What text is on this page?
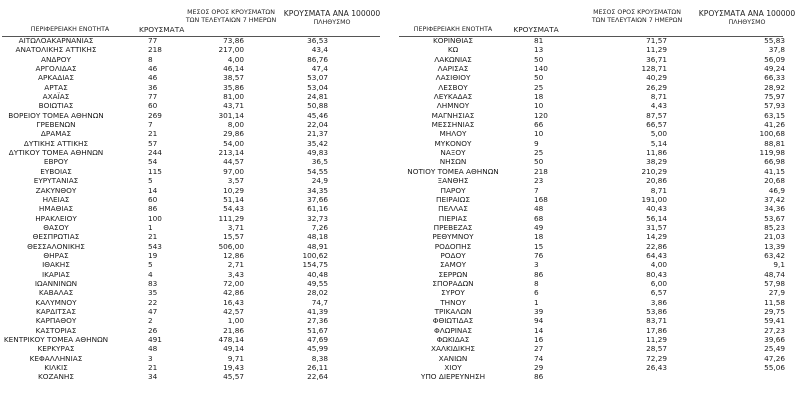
ΠΕΡΙΦΕΡΕΙΑΚΗ ΕΝΟΤΗΤΑ	ΚΡΟΥΣΜΑΤΑ
ΜΕΣΟΣ ΟΡΟΣ ΚΡΟΥΣΜΑΤΩΝ
ΤΩΝ ΤΕΛΕΥΤΑΙΩΝ 7 ΗΜΕΡΩΝ
ΚΡΟΥΣΜΑΤΑ ΑΝΑ 100000
ΠΛΗΘΥΣΜΟ
ΑΙΤΩΛΟΑΚΑΡΝΑΝΙΑΣ	77	73,86	36,53
ΑΝΑΤΟΛΙΚΗΣ ΑΤΤΙΚΗΣ	218	217,00	43,4
ΑΝΔΡΟΥ	8	4,00	86,76
ΑΡΓΟΛΙΔΑΣ	46	46,14	47,4
ΑΡΚΑΔΙΑΣ	46	38,57	53,07
ΑΡΤΑΣ	36	35,86	53,04
ΑΧΑΪΑΣ	77	81,00	24,81
ΒΟΙΩΤΙΑΣ	60	43,71	50,88
ΒΟΡΕΙΟΥ ΤΟΜΕΑ ΑΘΗΝΩΝ	269	301,14	45,46
ΓΡΕΒΕΝΩΝ	7	8,00	22,04
ΔΡΑΜΑΣ	21	29,86	21,37
ΔΥΤΙΚΗΣ ΑΤΤΙΚΗΣ	57	54,00	35,42
ΔΥΤΙΚΟΥ ΤΟΜΕΑ ΑΘΗΝΩΝ	244	213,14	49,83
ΕΒΡΟΥ	54	44,57	36,5
ΕΥΒΟΙΑΣ	115	97,00	54,55
ΕΥΡΥΤΑΝΙΑΣ	5	3,57	24,9
ΖΑΚΥΝΘΟΥ	14	10,29	34,35
ΗΛΕΙΑΣ	60	51,14	37,66
ΗΜΑΘΙΑΣ	86	54,43	61,16
ΗΡΑΚΛΕΙΟΥ	100	111,29	32,73
ΘΑΣΟΥ	1	3,71	7,26
ΘΕΣΠΡΩΤΙΑΣ	21	15,57	48,18
ΘΕΣΣΑΛΟΝΙΚΗΣ	543	506,00	48,91
ΘΗΡΑΣ	19	12,86	100,62
ΙΘΑΚΗΣ	5	2,71	154,75
ΙΚΑΡΙΑΣ	4	3,43	40,48
ΙΩΑΝΝΙΝΩΝ	83	72,00	49,55
ΚΑΒΑΛΑΣ	35	42,86	28,02
ΚΑΛΥΜΝΟΥ	22	16,43	74,7
ΚΑΡΔΙΤΣΑΣ	47	42,57	41,39
ΚΑΡΠΑΘΟΥ	2	1,00	27,36
ΚΑΣΤΟΡΙΑΣ	26	21,86	51,67
ΚΕΝΤΡΙΚΟΥ ΤΟΜΕΑ ΑΘΗΝΩΝ	491	478,14	47,69
ΚΕΡΚΥΡΑΣ	48	49,14	45,99
ΚΕΦΑΛΛΗΝΙΑΣ	3	9,71	8,38
ΚΙΛΚΙΣ	21	19,43	26,11
ΚΟΖΑΝΗΣ	34	45,57	22,64
ΠΕΡΙΦΕΡΕΙΑΚΗ ΕΝΟΤΗΤΑ	ΚΡΟΥΣΜΑΤΑ
ΜΕΣΟΣ ΟΡΟΣ ΚΡΟΥΣΜΑΤΩΝ
ΤΩΝ ΤΕΛΕΥΤΑΙΩΝ 7 ΗΜΕΡΩΝ
ΚΡΟΥΣΜΑΤΑ ΑΝΑ 100000
ΠΛΗΘΥΣΜΟ
ΚΟΡΙΝΘΙΑΣ	81	71,57	55,83
ΚΩ	13	11,29	37,8
ΛΑΚΩΝΙΑΣ	50	36,71	56,09
ΛΑΡΙΣΑΣ	140	128,71	49,24
ΛΑΣΙΘΙΟΥ	50	40,29	66,33
ΛΕΣΒΟΥ	25	26,29	28,92
ΛΕΥΚΑΔΑΣ	18	8,71	75,97
ΛΗΜΝΟΥ	10	4,43	57,93
ΜΑΓΝΗΣΙΑΣ	120	87,57	63,15
ΜΕΣΣΗΝΙΑΣ	66	66,57	41,26
ΜΗΛΟΥ	10	5,00	100,68
ΜΥΚΟΝΟΥ	9	5,14	88,81
ΝΑΞΟΥ	25	11,86	119,98
ΝΗΣΩΝ	50	38,29	66,98
ΝΟΤΙΟΥ ΤΟΜΕΑ ΑΘΗΝΩΝ	218	210,29	41,15
ΞΑΝΘΗΣ	23	20,86	20,68
ΠΑΡΟΥ	7	8,71	46,9
ΠΕΙΡΑΙΩΣ	168	191,00	37,42
ΠΕΛΛΑΣ	48	40,43	34,36
ΠΙΕΡΙΑΣ	68	56,14	53,67
ΠΡΕΒΕΖΑΣ	49	31,57	85,23
ΡΕΘΥΜΝΟΥ	18	14,29	21,03
ΡΟΔΟΠΗΣ	15	22,86	13,39
ΡΟΔΟΥ	76	64,43	63,42
ΣΑΜΟΥ	3	4,00	9,1
ΣΕΡΡΩΝ	86	80,43	48,74
ΣΠΟΡΑΔΩΝ	8	6,00	57,98
ΣΥΡΟΥ	6	6,57	27,9
ΤΗΝΟΥ	1	3,86	11,58
ΤΡΙΚΑΛΩΝ	39	53,86	29,75
ΦΘΙΩΤΙΔΑΣ	94	83,71	59,41
ΦΛΩΡΙΝΑΣ	14	17,86	27,23
ΦΩΚΙΔΑΣ	16	11,29	39,66
ΧΑΛΚΙΔΙΚΗΣ	27	28,57	25,49
ΧΑΝΙΩΝ	74	72,29	47,26
ΧΙΟΥ	29	26,43	55,06
ΥΠΟ ΔΙΕΡΕΥΝΗΣΗ	86
